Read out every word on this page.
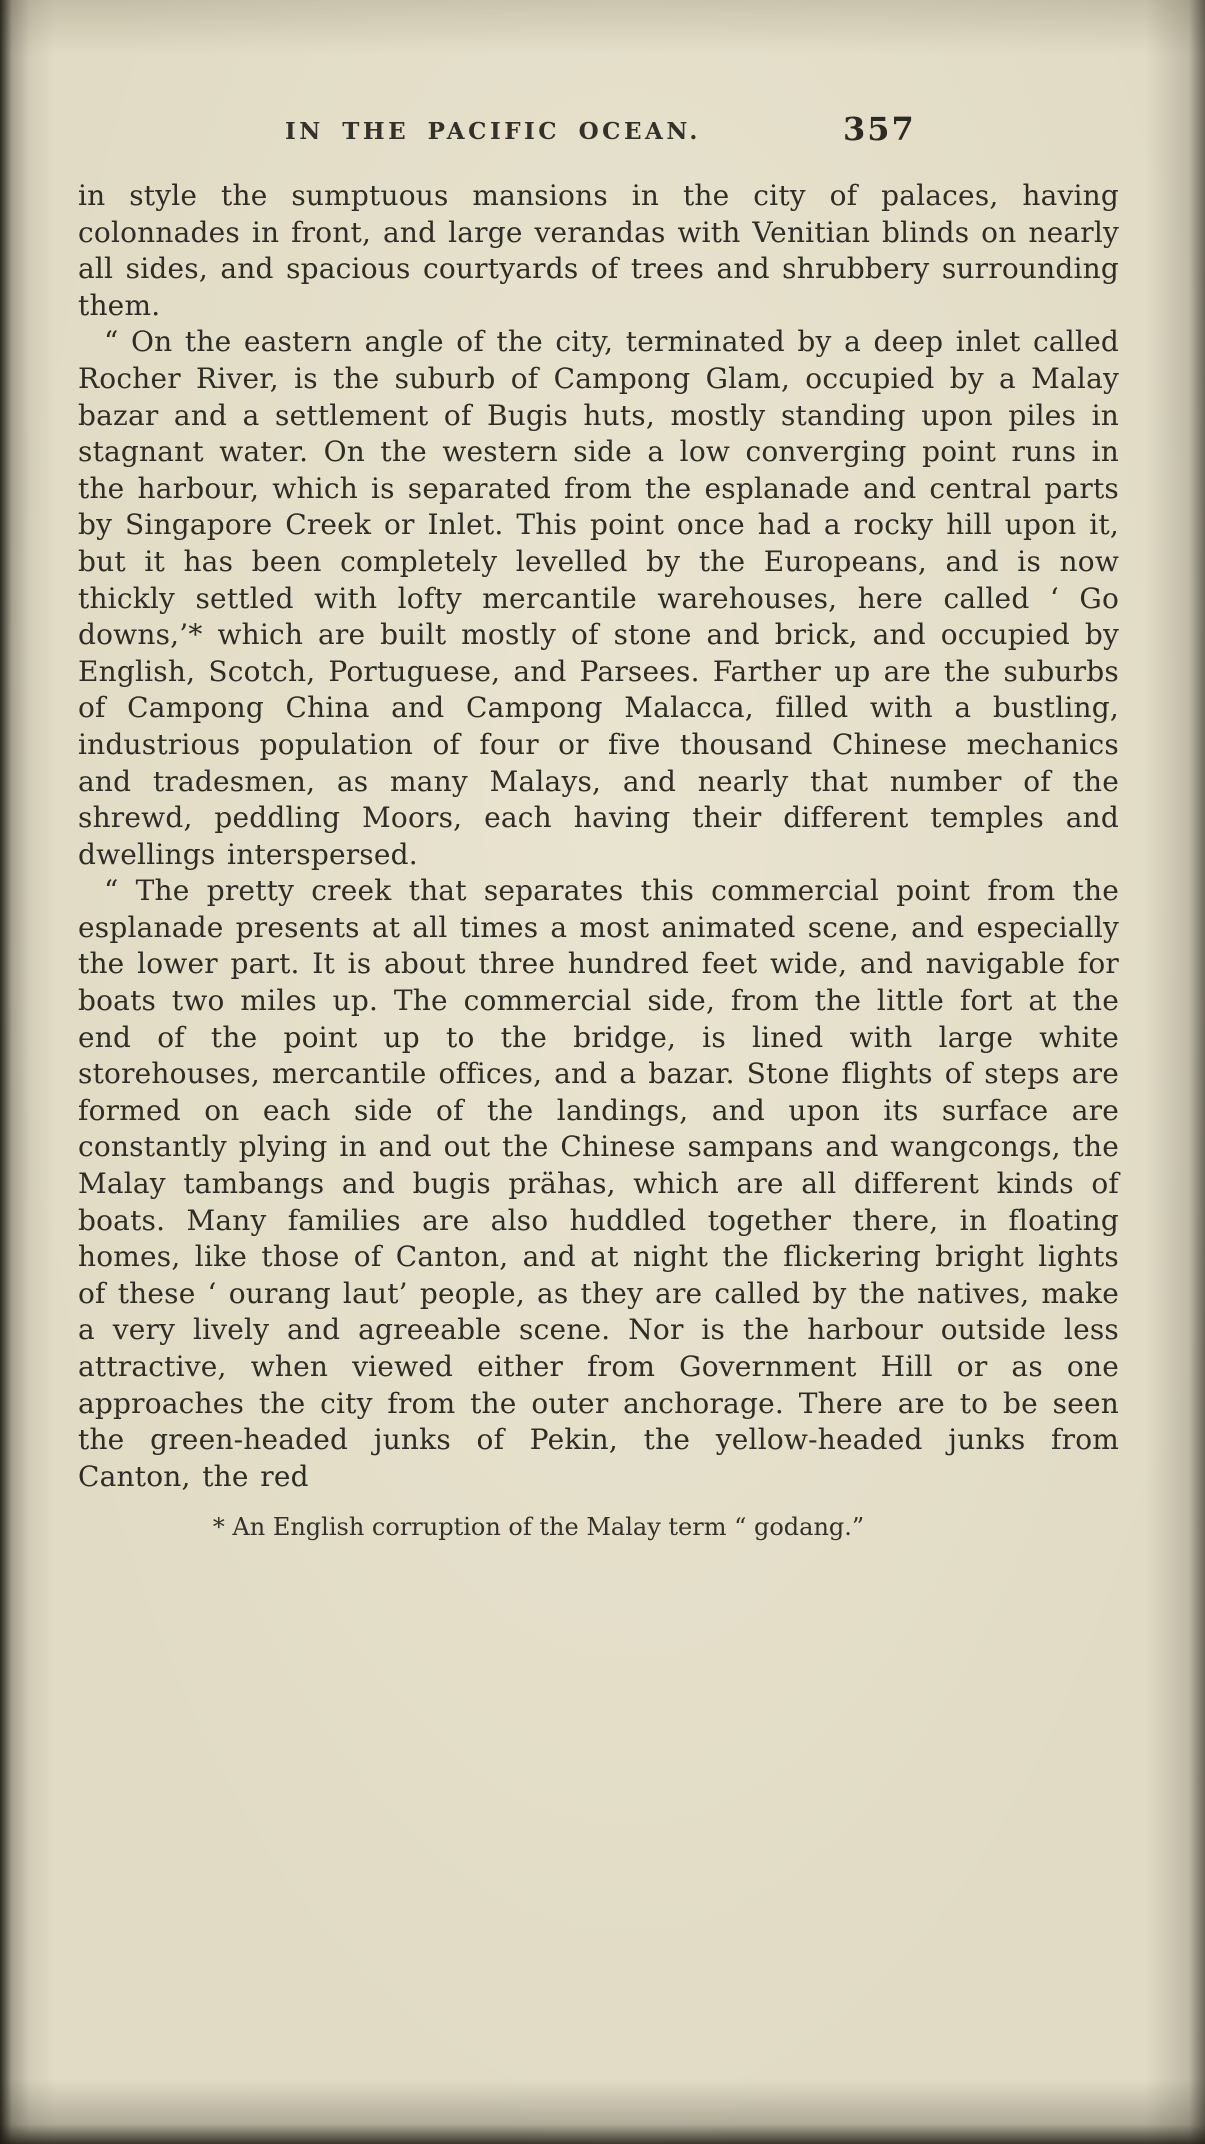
IN THE PACIFIC OCEAN.	357

in style the sumptuous mansions in the city of palaces, having colonnades in front, and large verandas with Venitian blinds on nearly all sides, and spacious courtyards of trees and shrubbery surrounding them.

“ On the eastern angle of the city, terminated by a deep inlet called Rocher River, is the suburb of Campong Glam, occupied by a Malay bazar and a settlement of Bugis huts, mostly standing upon piles in stagnant water. On the western side a low converging point runs in the harbour, which is separated from the esplanade and central parts by Singapore Creek or Inlet. This point once had a rocky hill upon it, but it has been completely levelled by the Europeans, and is now thickly settled with lofty mercantile warehouses, here called ‘ Go downs,’* which are built mostly of stone and brick, and occupied by English, Scotch, Portuguese, and Parsees. Farther up are the suburbs of Campong China and Campong Malacca, filled with a bustling, industrious population of four or five thousand Chinese mechanics and tradesmen, as many Malays, and nearly that number of the shrewd, peddling Moors, each having their different temples and dwellings interspersed.

“ The pretty creek that separates this commercial point from the esplanade presents at all times a most animated scene, and especially the lower part. It is about three hundred feet wide, and navigable for boats two miles up. The commercial side, from the little fort at the end of the point up to the bridge, is lined with large white storehouses, mercantile offices, and a bazar. Stone flights of steps are formed on each side of the landings, and upon its surface are constantly plying in and out the Chinese sampans and wangcongs, the Malay tambangs and bugis prähas, which are all different kinds of boats. Many families are also huddled together there, in floating homes, like those of Canton, and at night the flickering bright lights of these ‘ ourang laut’ people, as they are called by the natives, make a very lively and agreeable scene. Nor is the harbour outside less attractive, when viewed either from Government Hill or as one approaches the city from the outer anchorage. There are to be seen the green-headed junks of Pekin, the yellow-headed junks from Canton, the red

* An English corruption of the Malay term “ godang.”
